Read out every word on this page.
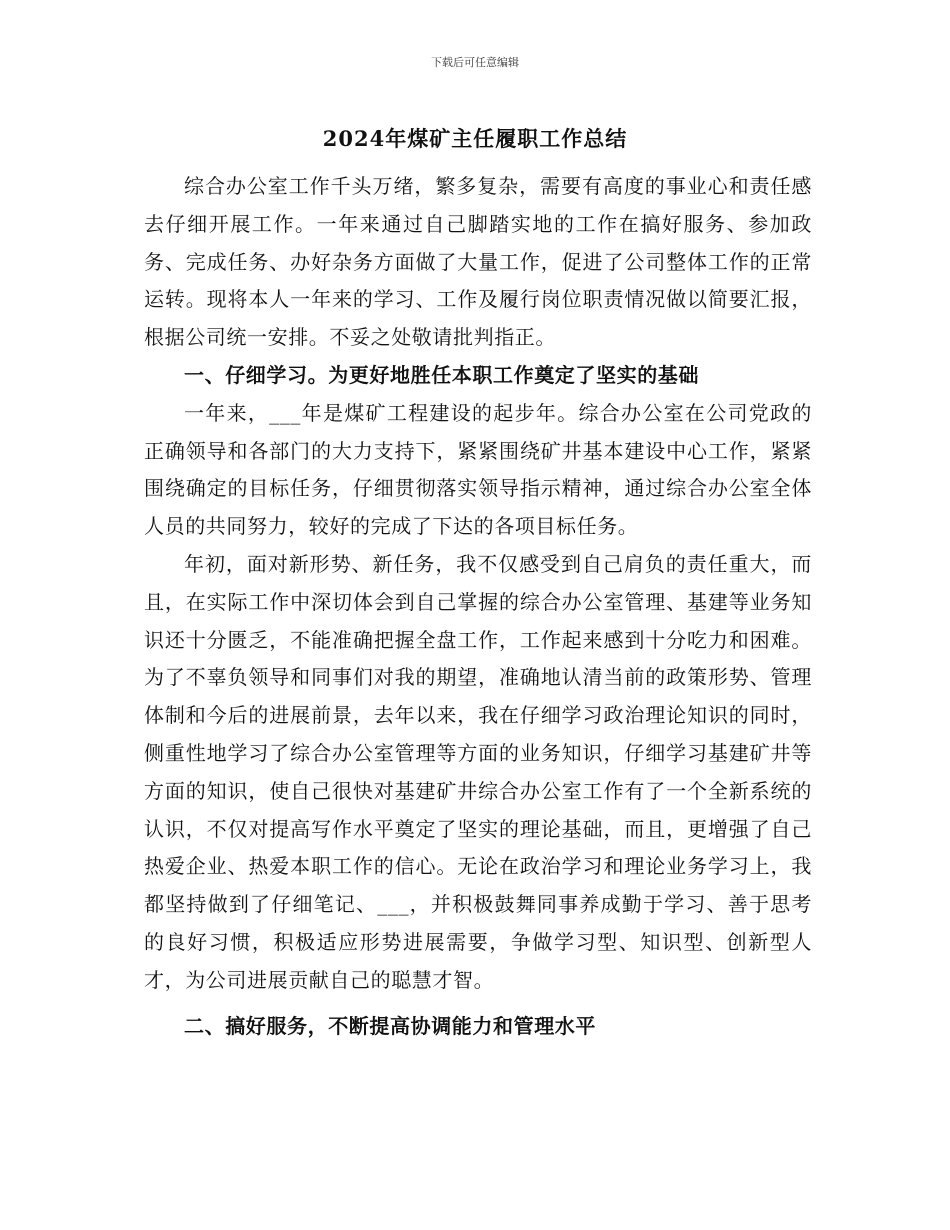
下载后可任意编辑
2024年煤矿主任履职工作总结

综合办公室工作千头万绪，繁多复杂，需要有高度的事业心和责任感去仔细开展工作。一年来通过自己脚踏实地的工作在搞好服务、参加政务、完成任务、办好杂务方面做了大量工作，促进了公司整体工作的正常运转。现将本人一年来的学习、工作及履行岗位职责情况做以简要汇报，根据公司统一安排。不妥之处敬请批判指正。

一、仔细学习。为更好地胜任本职工作奠定了坚实的基础

一年来，___年是煤矿工程建设的起步年。综合办公室在公司党政的正确领导和各部门的大力支持下，紧紧围绕矿井基本建设中心工作，紧紧围绕确定的目标任务，仔细贯彻落实领导指示精神，通过综合办公室全体人员的共同努力，较好的完成了下达的各项目标任务。

年初，面对新形势、新任务，我不仅感受到自己肩负的责任重大，而且，在实际工作中深切体会到自己掌握的综合办公室管理、基建等业务知识还十分匮乏，不能准确把握全盘工作，工作起来感到十分吃力和困难。为了不辜负领导和同事们对我的期望，准确地认清当前的政策形势、管理体制和今后的进展前景，去年以来，我在仔细学习政治理论知识的同时，侧重性地学习了综合办公室管理等方面的业务知识，仔细学习基建矿井等方面的知识，使自己很快对基建矿井综合办公室工作有了一个全新系统的认识，不仅对提高写作水平奠定了坚实的理论基础，而且，更增强了自己热爱企业、热爱本职工作的信心。无论在政治学习和理论业务学习上，我都坚持做到了仔细笔记、___，并积极鼓舞同事养成勤于学习、善于思考的良好习惯，积极适应形势进展需要，争做学习型、知识型、创新型人才，为公司进展贡献自己的聪慧才智。

二、搞好服务，不断提高协调能力和管理水平
